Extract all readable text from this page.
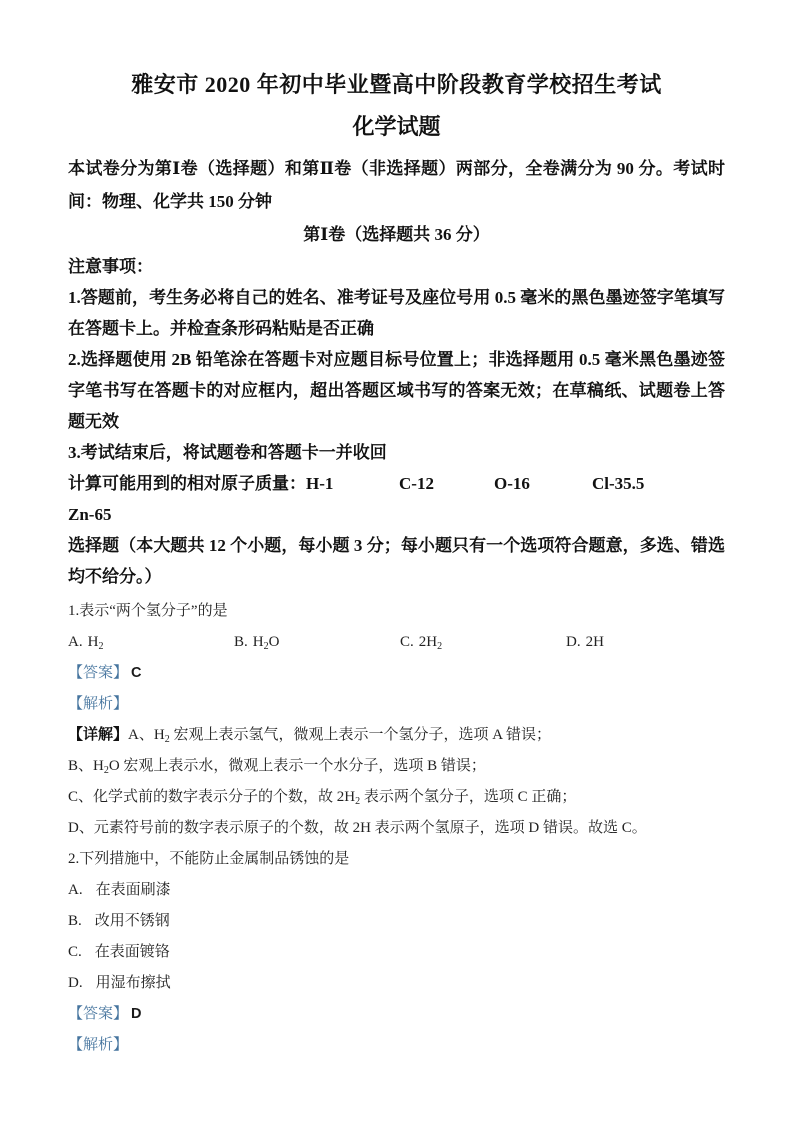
雅安市 2020 年初中毕业暨高中阶段教育学校招生考试
化学试题

本试卷分为第Ⅰ卷（选择题）和第Ⅱ卷（非选择题）两部分，全卷满分为 90 分。考试时间：物理、化学共 150 分钟

第Ⅰ卷（选择题共 36 分）

注意事项：

1.答题前，考生务必将自己的姓名、准考证号及座位号用 0.5 毫米的黑色墨迹签字笔填写在答题卡上。并检查条形码粘贴是否正确

2.选择题使用 2B 铅笔涂在答题卡对应题目标号位置上；非选择题用 0.5 毫米黑色墨迹签字笔书写在答题卡的对应框内，超出答题区域书写的答案无效；在草稿纸、试题卷上答题无效

3.考试结束后，将试题卷和答题卡一并收回

计算可能用到的相对原子质量：H-1	C-12	O-16	Cl-35.5

Zn-65

选择题（本大题共 12 个小题，每小题 3 分；每小题只有一个选项符合题意，多选、错选均不给分。）

1.表示“两个氢分子”的是

A. $H_2$	B. $H_2O$	C. $2H_2$	D. 2H

【答案】 C

【解析】

【详解】A、$H_2$ 宏观上表示氢气，微观上表示一个氢分子，选项 A 错误；

B、$H_2O$ 宏观上表示水，微观上表示一个水分子，选项 B 错误；

C、化学式前的数字表示分子的个数，故 $2H_2$ 表示两个氢分子，选项 C 正确；

D、元素符号前的数字表示原子的个数，故 2H 表示两个氢原子，选项 D 错误。故选 C。

2.下列措施中，不能防止金属制品锈蚀的是

A. 在表面刷漆

B. 改用不锈钢

C. 在表面镀铬

D. 用湿布擦拭

【答案】 D

【解析】
